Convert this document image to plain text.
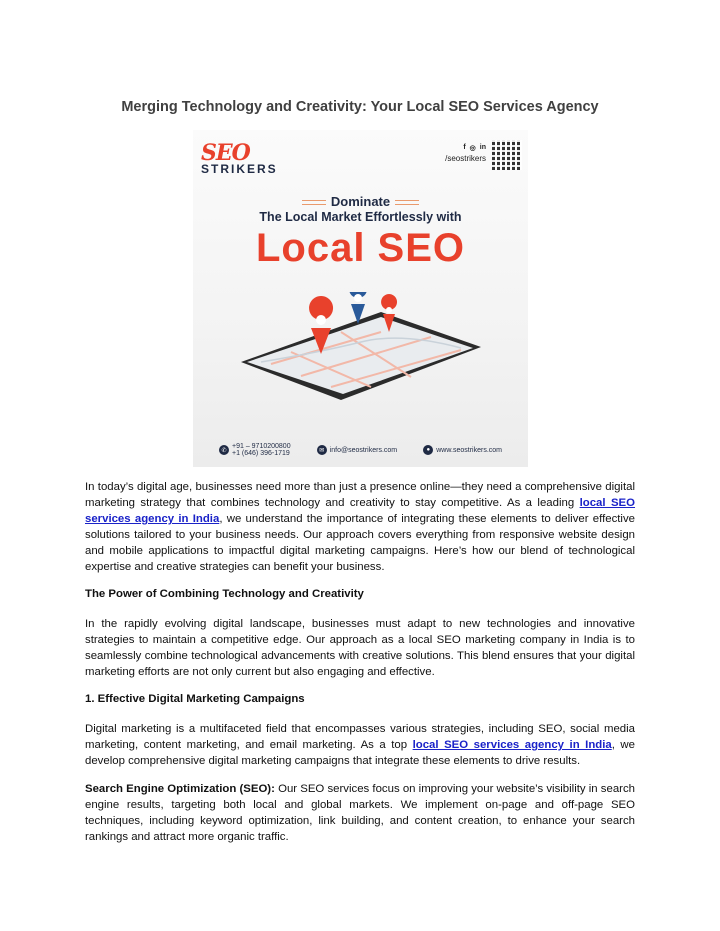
Merging Technology and Creativity: Your Local SEO Services Agency
SEO
STRIKERS
f ◎ in
/seostrikers
Dominate
The Local Market Effortlessly with
Local SEO
✆
+91 – 9710200800
+1 (646) 396-1719	✉ info@seostrikers.com	● www.seostrikers.com

In today’s digital age, businesses need more than just a presence online—they need a comprehensive digital marketing strategy that combines technology and creativity to stay competitive. As a leading local SEO services agency in India, we understand the importance of integrating these elements to deliver effective solutions tailored to your business needs. Our approach covers everything from responsive website design and mobile applications to impactful digital marketing campaigns. Here’s how our blend of technological expertise and creative strategies can benefit your business.

The Power of Combining Technology and Creativity
In the rapidly evolving digital landscape, businesses must adapt to new technologies and innovative strategies to maintain a competitive edge. Our approach as a local SEO marketing company in India is to seamlessly combine technological advancements with creative solutions. This blend ensures that your digital marketing efforts are not only current but also engaging and effective.
1. Effective Digital Marketing Campaigns

Digital marketing is a multifaceted field that encompasses various strategies, including SEO, social media marketing, content marketing, and email marketing. As a top local SEO services agency in India, we develop comprehensive digital marketing campaigns that integrate these elements to drive results.

Search Engine Optimization (SEO): Our SEO services focus on improving your website’s visibility in search engine results, targeting both local and global markets. We implement on-page and off-page SEO techniques, including keyword optimization, link building, and content creation, to enhance your search rankings and attract more organic traffic.
